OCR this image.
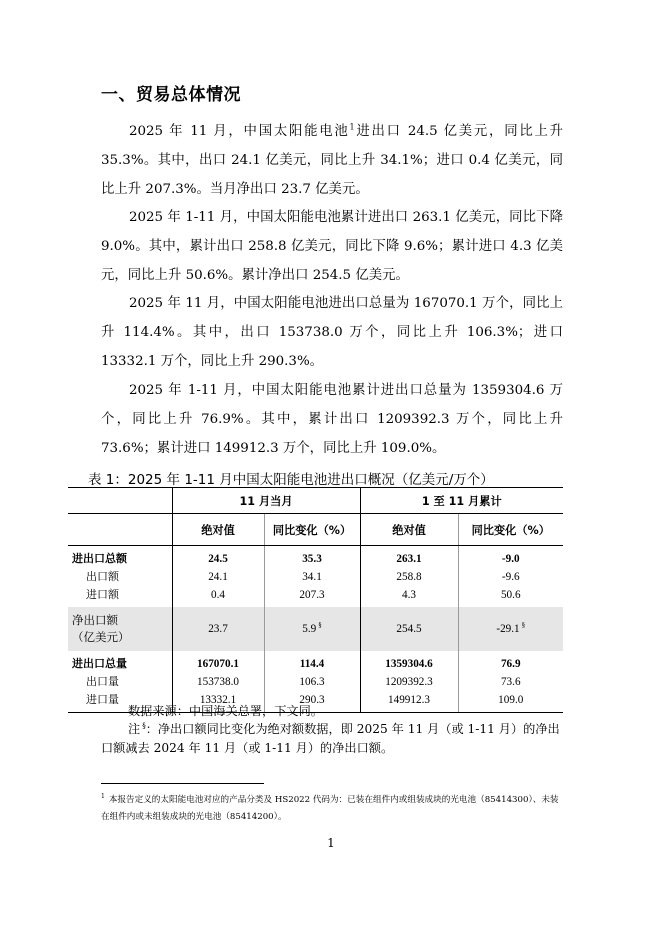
一、贸易总体情况

2025 年 11 月，中国太阳能电池$^1$进出口 24.5 亿美元，同比上升 35.3%。其中，出口 24.1 亿美元，同比上升 34.1%；进口 0.4 亿美元，同比上升 207.3%。当月净出口 23.7 亿美元。

2025 年 1-11 月，中国太阳能电池累计进出口 263.1 亿美元，同比下降 9.0%。其中，累计出口 258.8 亿美元，同比下降 9.6%；累计进口 4.3 亿美元，同比上升 50.6%。累计净出口 254.5 亿美元。

2025 年 11 月，中国太阳能电池进出口总量为 167070.1 万个，同比上升 114.4%。其中，出口 153738.0 万个，同比上升 106.3%；进口 13332.1 万个，同比上升 290.3%。

2025 年 1-11 月，中国太阳能电池累计进出口总量为 1359304.6 万个，同比上升 76.9%。其中，累计出口 1209392.3 万个，同比上升 73.6%；累计进口 149912.3 万个，同比上升 109.0%。

表 1：2025 年 1-11 月中国太阳能电池进出口概况（亿美元/万个）
	11 月当月		1 至 11 月累计	
	绝对值	同比变化（%）	绝对值	同比变化（%）
进出口总额	24.5	35.3	263.1	-9.0
出口额	24.1	34.1	258.8	-9.6
进口额	0.4	207.3	4.3	50.6
净出口额
（亿美元）	23.7	5.9 §	254.5	-29.1 §
进出口总量	167070.1	114.4	1359304.6	76.9
出口量	153738.0	106.3	1209392.3	73.6
进口量	13332.1	290.3	149912.3	109.0

数据来源：中国海关总署，下文同。

注 §：净出口额同比变化为绝对额数据，即 2025 年 11 月（或 1-11 月）的净出口额减去 2024 年 11 月（或 1-11 月）的净出口额。

$^1$ 本报告定义的太阳能电池对应的产品分类及 HS2022 代码为：已装在组件内或组装成块的光电池（85414300）、未装在组件内或未组装成块的光电池（85414200）。

1
